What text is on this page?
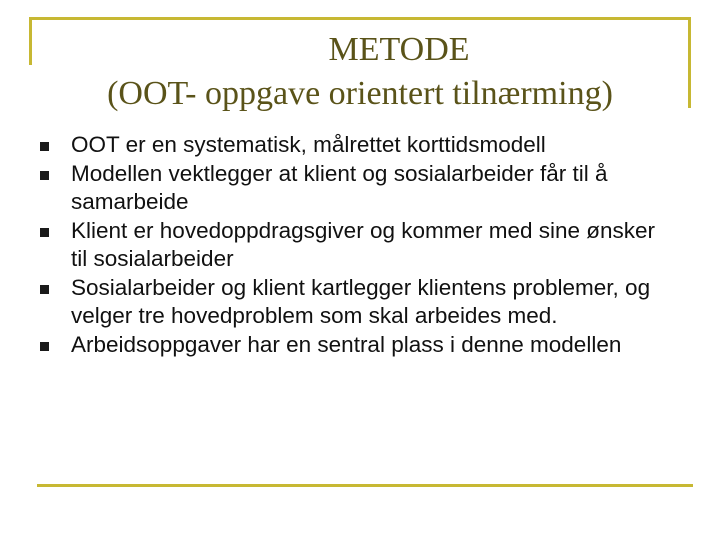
METODE
(OOT- oppgave orientert tilnærming)
OOT er en systematisk, målrettet korttidsmodell
Modellen vektlegger at klient og sosialarbeider får til å samarbeide
Klient er hovedoppdragsgiver og kommer med sine ønsker til sosialarbeider
Sosialarbeider og klient kartlegger klientens problemer, og velger tre hovedproblem som skal arbeides med.
Arbeidsoppgaver har en sentral plass i denne modellen
